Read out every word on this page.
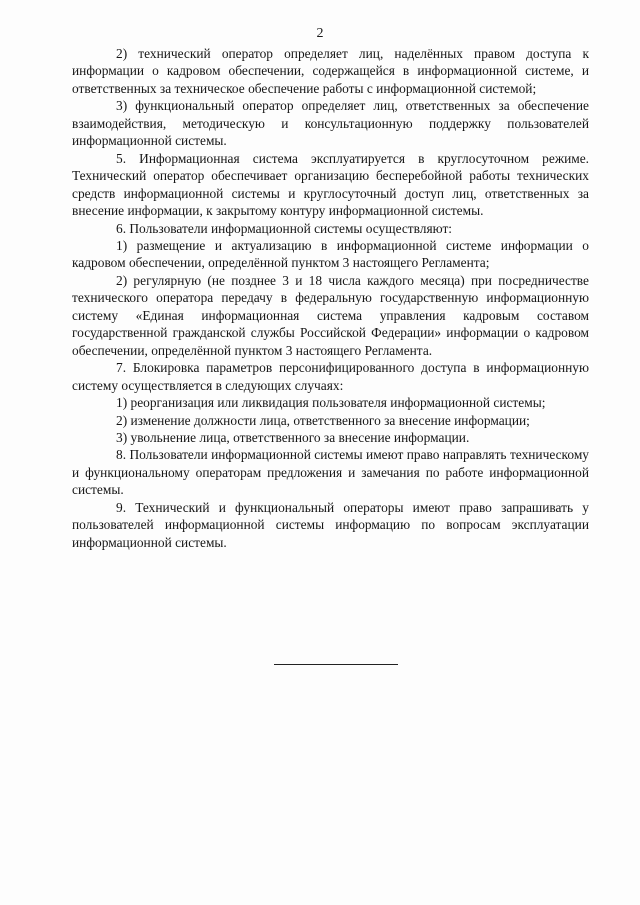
2

2) технический оператор определяет лиц, наделённых правом доступа к информации о кадровом обеспечении, содержащейся в информационной системе, и ответственных за техническое обеспечение работы с информационной системой;

3) функциональный оператор определяет лиц, ответственных за обеспечение взаимодействия, методическую и консультационную поддержку пользователей информационной системы.

5. Информационная система эксплуатируется в круглосуточном режиме. Технический оператор обеспечивает организацию бесперебойной работы технических средств информационной системы и круглосуточный доступ лиц, ответственных за внесение информации, к закрытому контуру информационной системы.

6. Пользователи информационной системы осуществляют:

1) размещение и актуализацию в информационной системе информации о кадровом обеспечении, определённой пунктом 3 настоящего Регламента;

2) регулярную (не позднее 3 и 18 числа каждого месяца) при посредничестве технического оператора передачу в федеральную государственную информационную систему «Единая информационная система управления кадровым составом государственной гражданской службы Российской Федерации» информации о кадровом обеспечении, определённой пунктом 3 настоящего Регламента.

7. Блокировка параметров персонифицированного доступа в информационную систему осуществляется в следующих случаях:

1) реорганизация или ликвидация пользователя информационной системы;

2) изменение должности лица, ответственного за внесение информации;

3) увольнение лица, ответственного за внесение информации.

8. Пользователи информационной системы имеют право направлять техническому и функциональному операторам предложения и замечания по работе информационной системы.

9. Технический и функциональный операторы имеют право запрашивать у пользователей информационной системы информацию по вопросам эксплуатации информационной системы.
